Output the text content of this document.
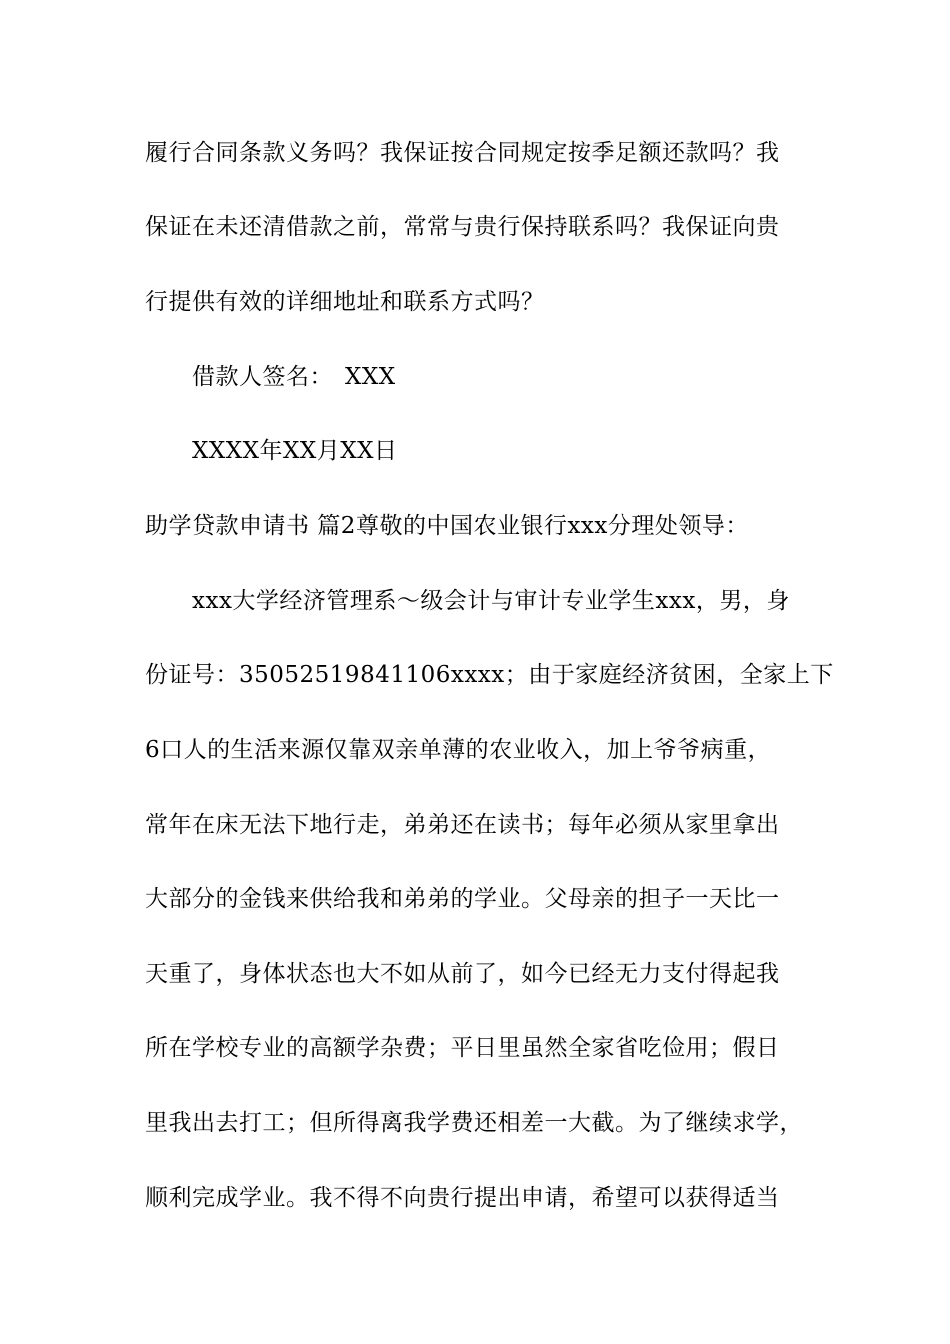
履行合同条款义务吗？我保证按合同规定按季足额还款吗？我
保证在未还清借款之前，常常与贵行保持联系吗？我保证向贵
行提供有效的详细地址和联系方式吗？
借款人签名：　XXX
XXXX年XX月XX日
助学贷款申请书 篇2尊敬的中国农业银行xxx分理处领导：
xxx大学经济管理系～级会计与审计专业学生xxx，男，身
份证号：35052519841106xxxx；由于家庭经济贫困，全家上下
6口人的生活来源仅靠双亲单薄的农业收入，加上爷爷病重，
常年在床无法下地行走，弟弟还在读书；每年必须从家里拿出
大部分的金钱来供给我和弟弟的学业。父母亲的担子一天比一
天重了，身体状态也大不如从前了，如今已经无力支付得起我
所在学校专业的高额学杂费；平日里虽然全家省吃俭用；假日
里我出去打工；但所得离我学费还相差一大截。为了继续求学，
顺利完成学业。我不得不向贵行提出申请，希望可以获得适当
